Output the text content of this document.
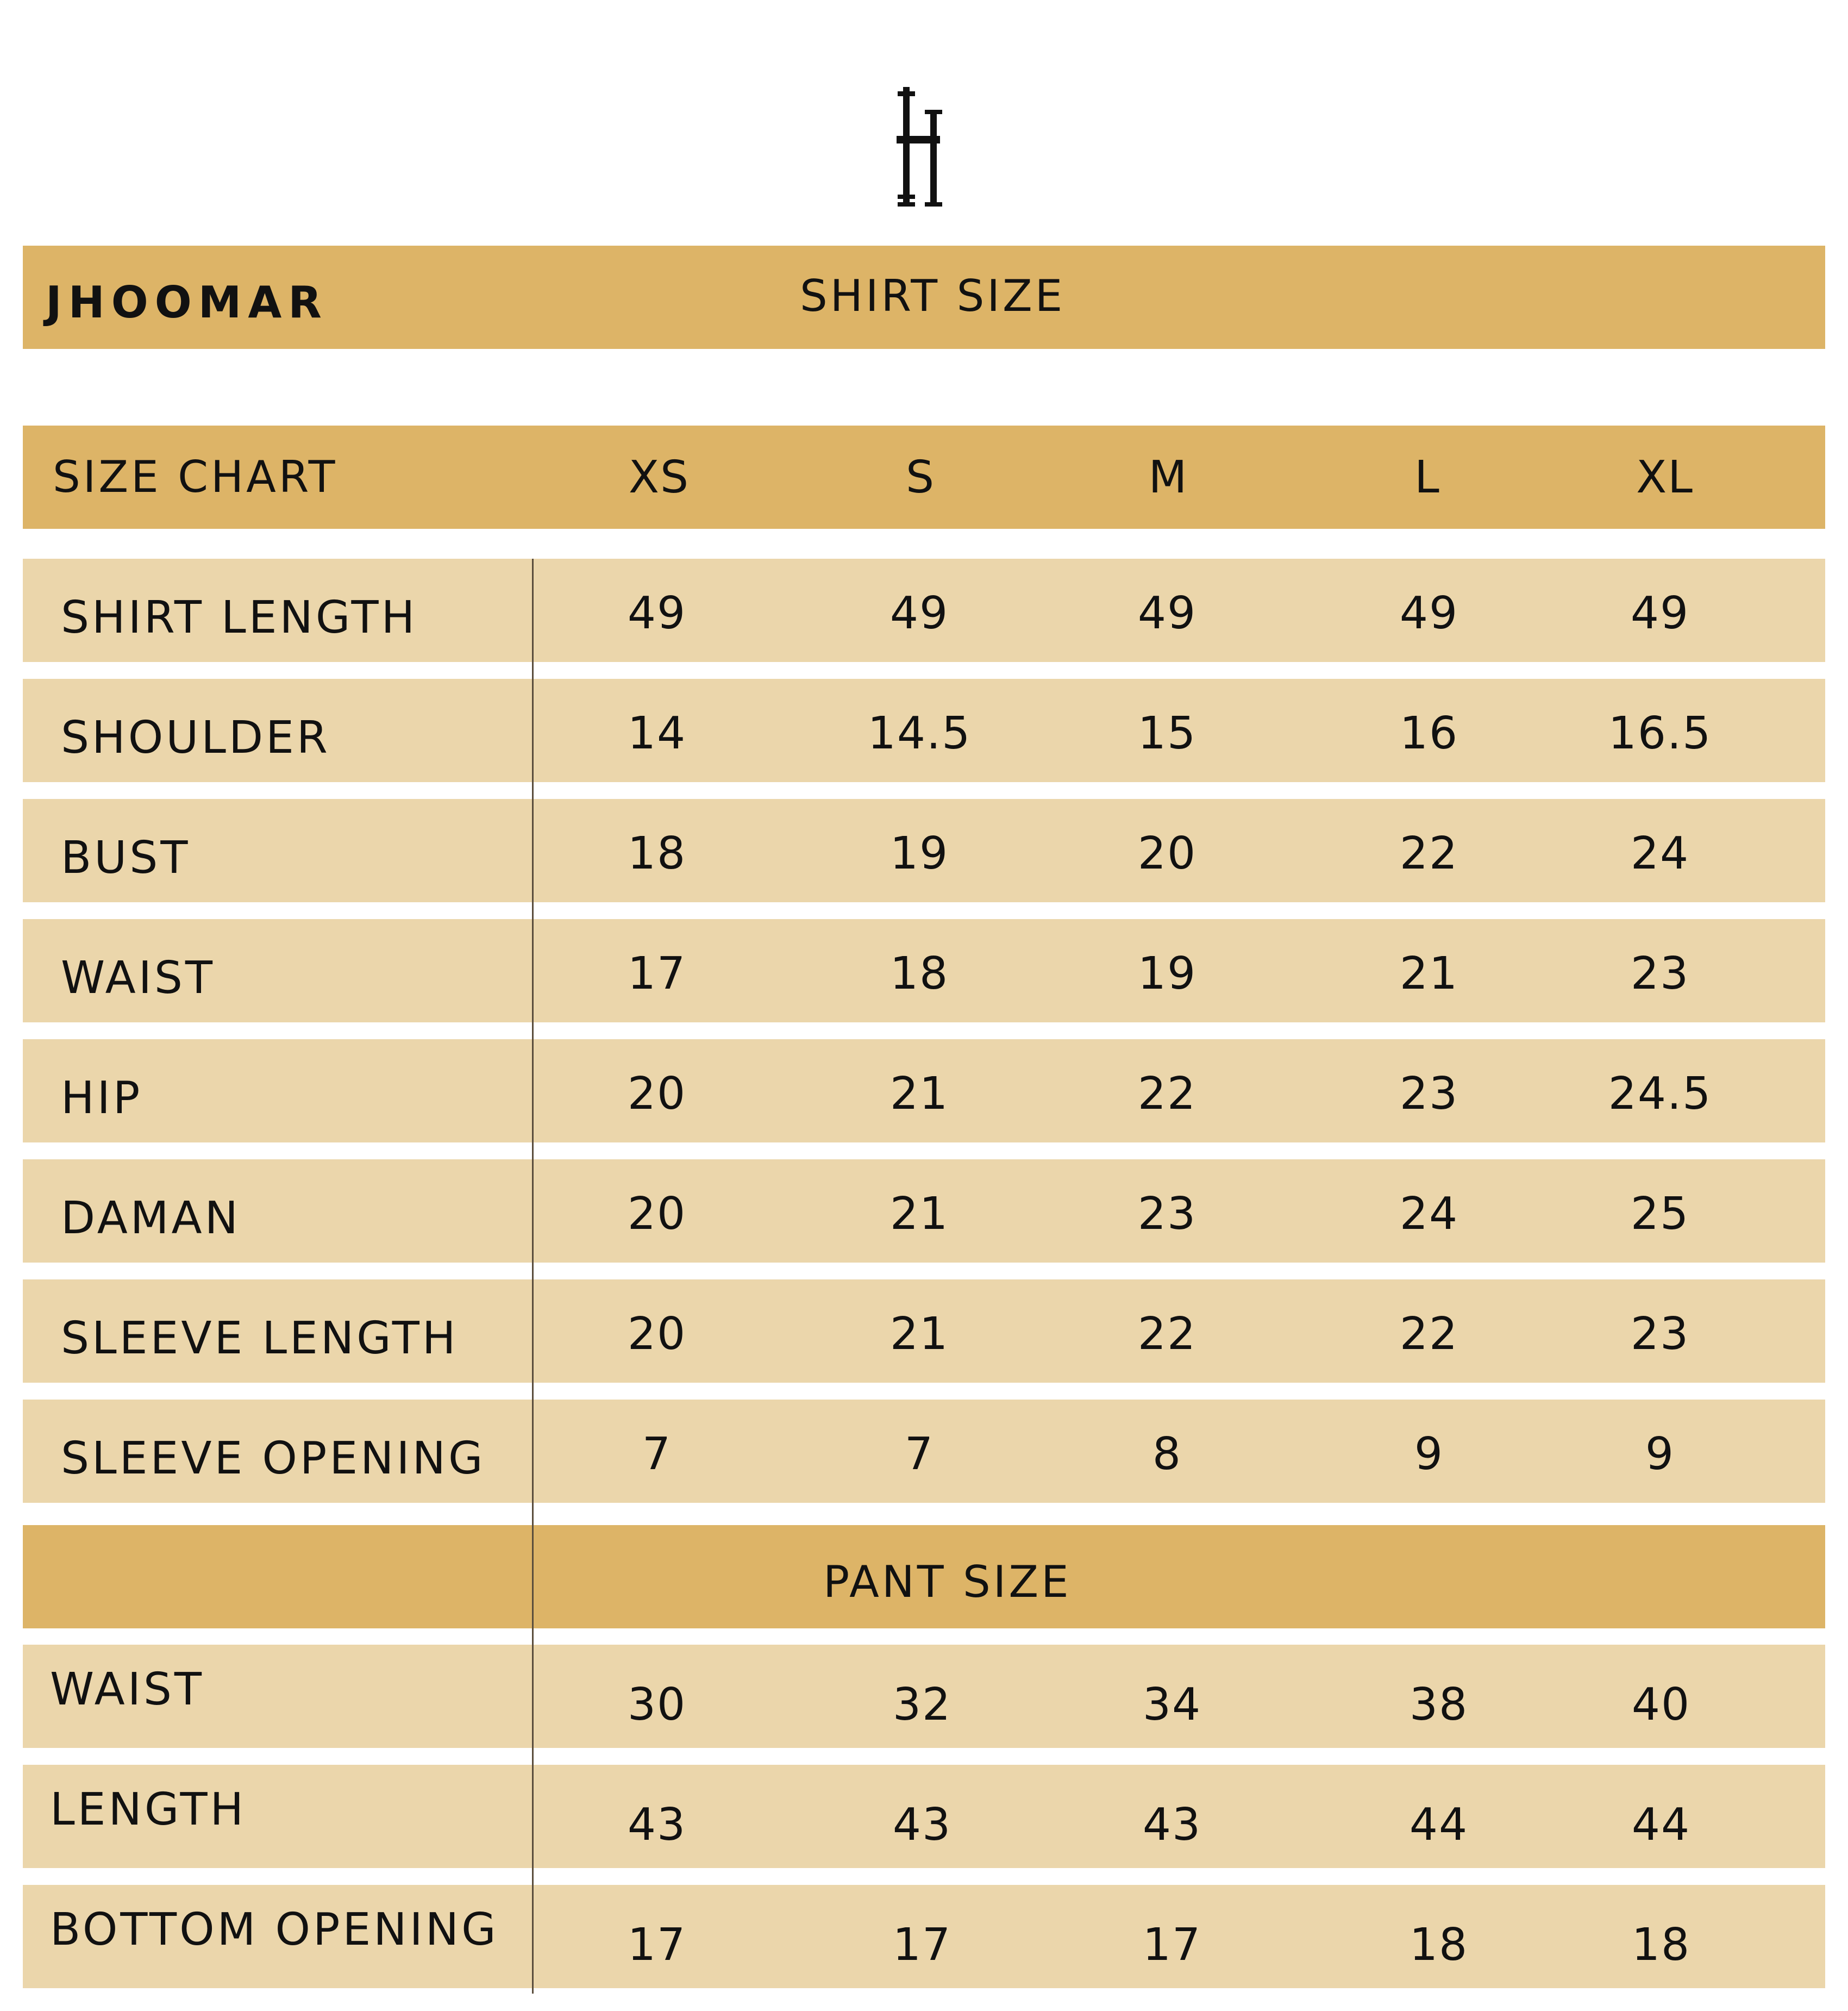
JHOOMAR	SHIRT SIZE
SIZE CHART	XS	S	M	L	XL
SHIRT LENGTH	49	49	49	49	49
SHOULDER	14	14.5	15	16	16.5
BUST	18	19	20	22	24
WAIST	17	18	19	21	23
HIP	20	21	22	23	24.5
DAMAN	20	21	23	24	25
SLEEVE LENGTH	20	21	22	22	23
SLEEVE OPENING	7	7	8	9	9
PANT SIZE
WAIST	30	32	34	38	40
LENGTH	43	43	43	44	44
BOTTOM OPENING	17	17	17	18	18
